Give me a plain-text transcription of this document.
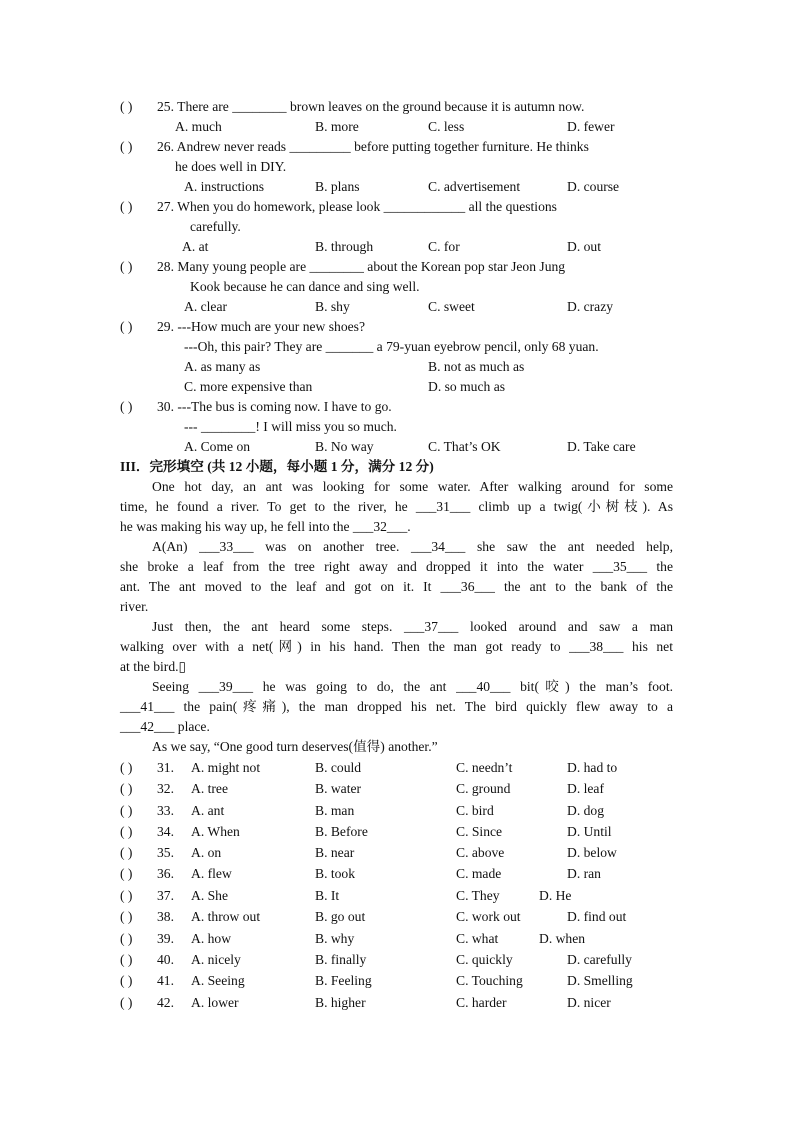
( ) 25. There are ________ brown leaves on the ground because it is autumn now.
A. much	B. more	C. less	D. fewer
( ) 26. Andrew never reads _________ before putting together furniture. He thinks
he does well in DIY.
A. instructions	B. plans	C. advertisement	D. course
( ) 27. When you do homework, please look ____________ all the questions
carefully.
A. at	B. through	C. for	D. out
( ) 28. Many young people are ________ about the Korean pop star Jeon Jung
Kook because he can dance and sing well.
A. clear	B. shy	C. sweet	D. crazy
( ) 29. ---How much are your new shoes?
---Oh, this pair? They are _______ a 79-yuan eyebrow pencil, only 68 yuan.
A. as many as	B. not as much as
C. more expensive than	D. so much as
( ) 30. ---The bus is coming now. I have to go.
--- ________! I will miss you so much.
A. Come on	B. No way	C. That’s OK	D. Take care
III．完形填空 (共 12 小题，每小题 1 分，满分 12 分)
One hot day, an ant was looking for some water. After walking around for some
time, he found a river. To get to the river, he ___31___ climb up a twig(小树枝). As
he was making his way up, he fell into the ___32___.
A(An) ___33___ was on another tree. ___34___ she saw the ant needed help,
she broke a leaf from the tree right away and dropped it into the water ___35___ the
ant. The ant moved to the leaf and got on it. It ___36___ the ant to the bank of the
river.
Just then, the ant heard some steps. ___37___ looked around and saw a man
walking over with a net(网) in his hand. Then the man got ready to ___38___ his net
at the bird.▯
Seeing ___39___ he was going to do, the ant ___40___ bit(咬) the man’s foot.
___41___ the pain(疼痛), the man dropped his net. The bird quickly flew away to a
___42___ place.
As we say, “One good turn deserves(值得) another.”
( ) 31. A. might not	B. could	C. needn’t	D. had to
( ) 32. A. tree	B. water	C. ground	D. leaf
( ) 33. A. ant	B. man	C. bird	D. dog
( ) 34. A. When	B. Before	C. Since	D. Until
( ) 35. A. on	B. near	C. above	D. below
( ) 36. A. flew	B. took	C. made	D. ran
( ) 37. A. She	B. It	C. They	D. He
( ) 38. A. throw out	B. go out	C. work out	D. find out
( ) 39. A. how	B. why	C. what	D. when
( ) 40. A. nicely	B. finally	C. quickly	D. carefully
( ) 41. A. Seeing	B. Feeling	C. Touching	D. Smelling
( ) 42. A. lower	B. higher	C. harder	D. nicer
